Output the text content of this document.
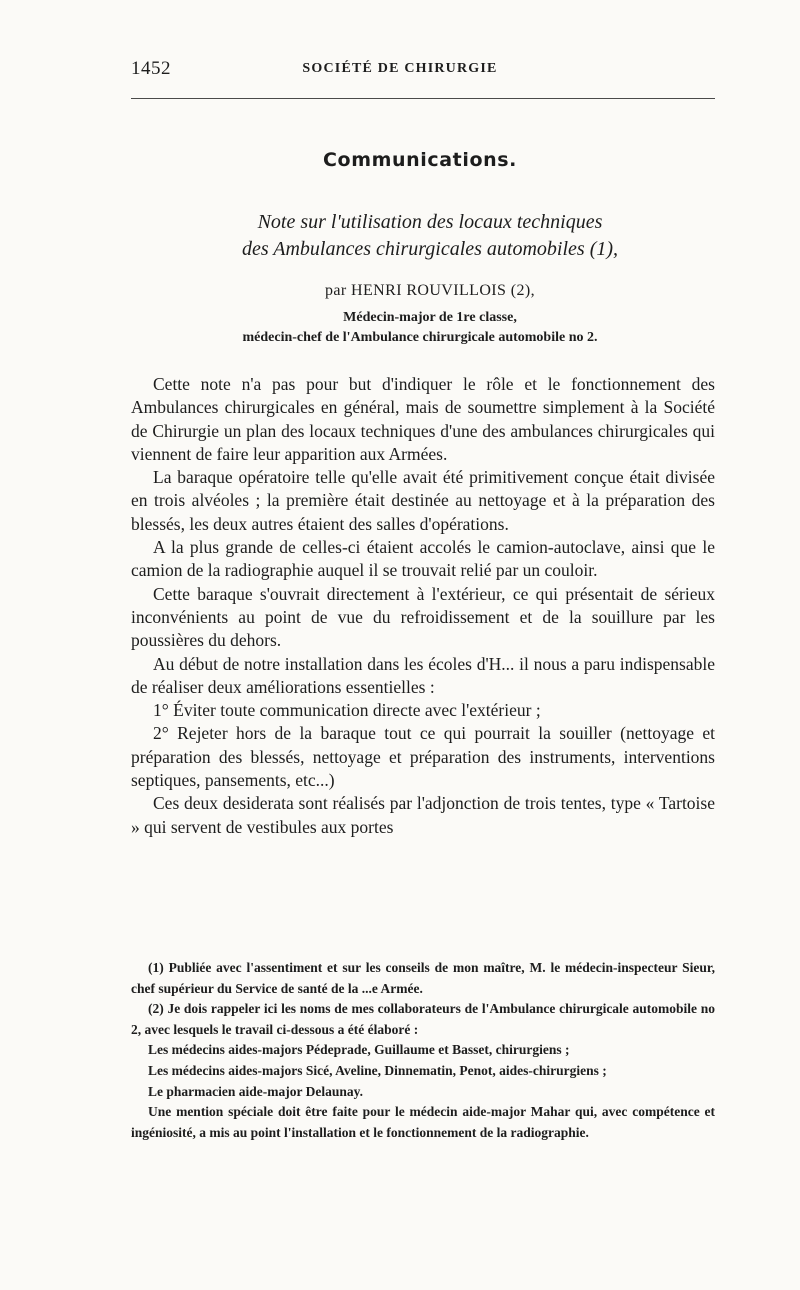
1452	SOCIÉTÉ DE CHIRURGIE
Communications.
Note sur l'utilisation des locaux techniques
des Ambulances chirurgicales automobiles (1),
par HENRI ROUVILLOIS (2),
Médecin-major de 1re classe,
médecin-chef de l'Ambulance chirurgicale automobile no 2.

Cette note n'a pas pour but d'indiquer le rôle et le fonctionnement des Ambulances chirurgicales en général, mais de soumettre simplement à la Société de Chirurgie un plan des locaux techniques d'une des ambulances chirurgicales qui viennent de faire leur apparition aux Armées.

La baraque opératoire telle qu'elle avait été primitivement conçue était divisée en trois alvéoles ; la première était destinée au nettoyage et à la préparation des blessés, les deux autres étaient des salles d'opérations.

A la plus grande de celles-ci étaient accolés le camion-autoclave, ainsi que le camion de la radiographie auquel il se trouvait relié par un couloir.

Cette baraque s'ouvrait directement à l'extérieur, ce qui présentait de sérieux inconvénients au point de vue du refroidissement et de la souillure par les poussières du dehors.

Au début de notre installation dans les écoles d'H... il nous a paru indispensable de réaliser deux améliorations essentielles :

1° Éviter toute communication directe avec l'extérieur ;

2° Rejeter hors de la baraque tout ce qui pourrait la souiller (nettoyage et préparation des blessés, nettoyage et préparation des instruments, interventions septiques, pansements, etc...)

Ces deux desiderata sont réalisés par l'adjonction de trois tentes, type « Tartoise » qui servent de vestibules aux portes

(1) Publiée avec l'assentiment et sur les conseils de mon maître, M. le médecin-inspecteur Sieur, chef supérieur du Service de santé de la ...e Armée.

(2) Je dois rappeler ici les noms de mes collaborateurs de l'Ambulance chirurgicale automobile no 2, avec lesquels le travail ci-dessous a été élaboré :

Les médecins aides-majors Pédeprade, Guillaume et Basset, chirurgiens ;

Les médecins aides-majors Sicé, Aveline, Dinnematin, Penot, aides-chirurgiens ;

Le pharmacien aide-major Delaunay.

Une mention spéciale doit être faite pour le médecin aide-major Mahar qui, avec compétence et ingéniosité, a mis au point l'installation et le fonctionnement de la radiographie.
